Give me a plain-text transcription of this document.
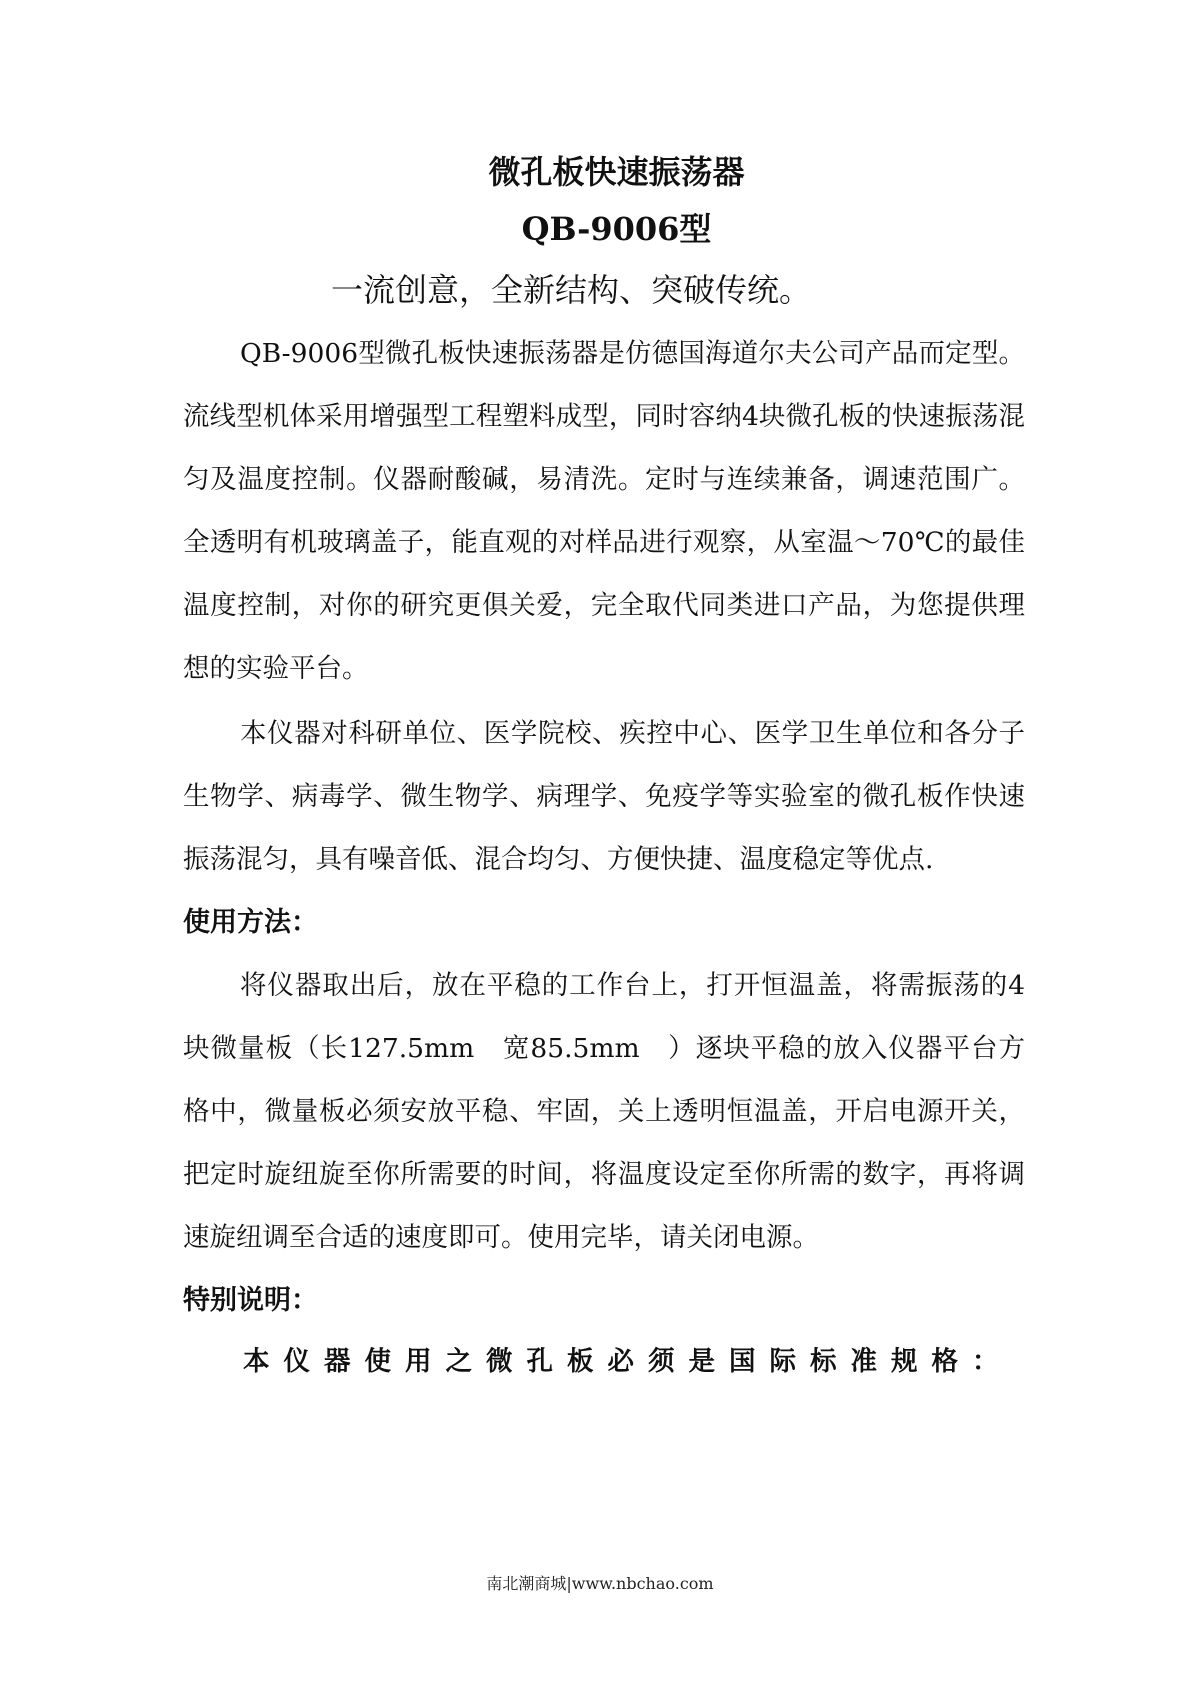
微孔板快速振荡器
QB-9006型
一流创意，全新结构、突破传统。

QB-9006型微孔板快速振荡器是仿德国海道尔夫公司产品而定型。流线型机体采用增强型工程塑料成型，同时容纳4块微孔板的快速振荡混匀及温度控制。仪器耐酸碱，易清洗。定时与连续兼备，调速范围广。全透明有机玻璃盖子，能直观的对样品进行观察，从室温～70℃的最佳温度控制，对你的研究更俱关爱，完全取代同类进口产品，为您提供理想的实验平台。

本仪器对科研单位、医学院校、疾控中心、医学卫生单位和各分子生物学、病毒学、微生物学、病理学、免疫学等实验室的微孔板作快速振荡混匀，具有噪音低、混合均匀、方便快捷、温度稳定等优点.

使用方法：

将仪器取出后，放在平稳的工作台上，打开恒温盖，将需振荡的4块微量板（长127.5mm　宽85.5mm　）逐块平稳的放入仪器平台方格中，微量板必须安放平稳、牢固，关上透明恒温盖，开启电源开关，把定时旋纽旋至你所需要的时间，将温度设定至你所需的数字，再将调速旋纽调至合适的速度即可。使用完毕，请关闭电源。

特别说明：
本仪器使用之微孔板必须是国际标准规格：
南北潮商城|www.nbchao.com
